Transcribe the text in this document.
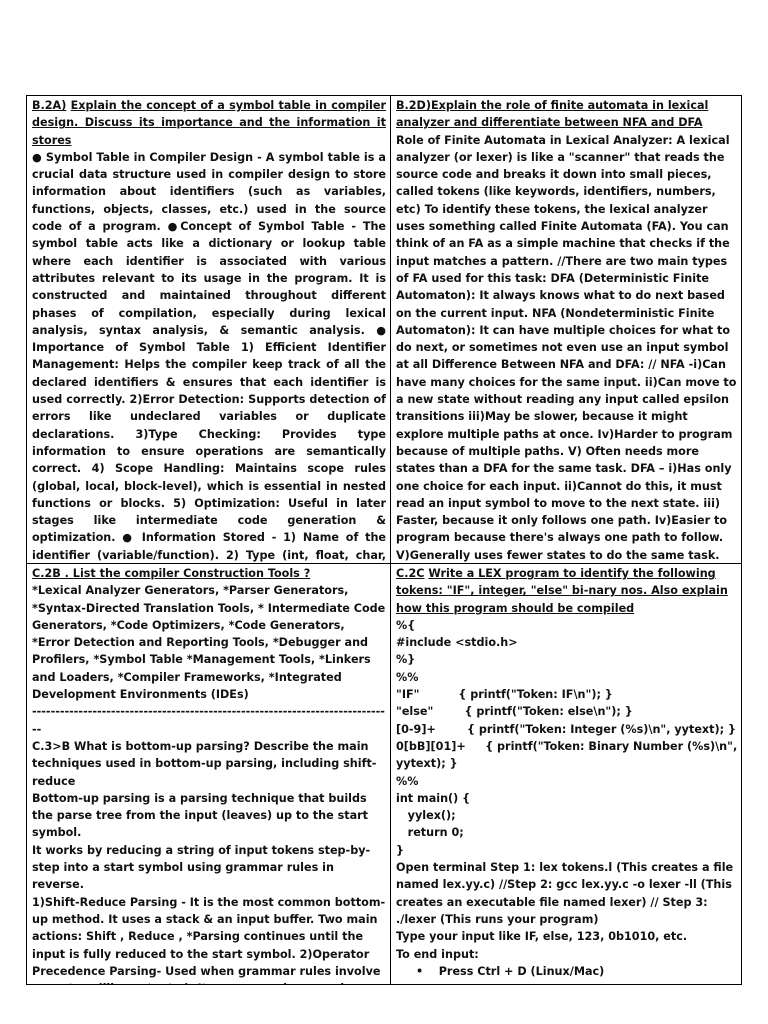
B.2A) Explain the concept of a symbol table in compiler design. Discuss its importance and the information it stores

● Symbol Table in Compiler Design - A symbol table is a crucial data structure used in compiler design to store information about identifiers (such as variables, functions, objects, classes, etc.) used in the source code of a program. ●Concept of Symbol Table - The symbol table acts like a dictionary or lookup table where each identifier is associated with various attributes relevant to its usage in the program. It is constructed and maintained throughout different phases of compilation, especially during lexical analysis, syntax analysis, & semantic analysis. ● Importance of Symbol Table 1) Efficient Identifier Management: Helps the compiler keep track of all the declared identifiers & ensures that each identifier is used correctly. 2)Error Detection: Supports detection of errors like undeclared variables or duplicate declarations. 3)Type Checking: Provides type information to ensure operations are semantically correct. 4) Scope Handling: Maintains scope rules (global, local, block-level), which is essential in nested functions or blocks. 5) Optimization: Useful in later stages like intermediate code generation & optimization. ● Information Stored - 1) Name of the identifier (variable/function). 2) Type (int, float, char,

B.2D)Explain the role of finite automata in lexical analyzer and differentiate between NFA and DFA

Role of Finite Automata in Lexical Analyzer: A lexical analyzer (or lexer) is like a "scanner" that reads the source code and breaks it down into small pieces, called tokens (like keywords, identifiers, numbers, etc) To identify these tokens, the lexical analyzer uses something called Finite Automata (FA). You can think of an FA as a simple machine that checks if the input matches a pattern. //There are two main types of FA used for this task: DFA (Deterministic Finite Automaton): It always knows what to do next based on the current input. NFA (Nondeterministic Finite Automaton): It can have multiple choices for what to do next, or sometimes not even use an input symbol at all Difference Between NFA and DFA: // NFA -i)Can have many choices for the same input. ii)Can move to a new state without reading any input called epsilon transitions iii)May be slower, because it might explore multiple paths at once. Iv)Harder to program because of multiple paths. V) Often needs more states than a DFA for the same task. DFA – i)Has only one choice for each input. ii)Cannot do this, it must read an input symbol to move to the next state. iii) Faster, because it only follows one path. Iv)Easier to program because there's always one path to follow. V)Generally uses fewer states to do the same task.

C.2B . List the compiler Construction Tools ?

*Lexical Analyzer Generators, *Parser Generators, *Syntax-Directed Translation Tools, * Intermediate Code Generators, *Code Optimizers, *Code Generators, *Error Detection and Reporting Tools, *Debugger and Profilers, *Symbol Table *Management Tools, *Linkers and Loaders, *Compiler Frameworks, *Integrated Development Environments (IDEs)

------------------------------------------------------------------------------

C.3>B What is bottom-up parsing? Describe the main techniques used in bottom-up parsing, including shift-reduce

Bottom-up parsing is a parsing technique that builds the parse tree from the input (leaves) up to the start symbol.

It works by reducing a string of input tokens step-by-step into a start symbol using grammar rules in reverse.

1)Shift-Reduce Parsing - It is the most common bottom-up method. It uses a stack & an input buffer. Two main actions: Shift , Reduce , *Parsing continues until the input is fully reduced to the start symbol. 2)Operator Precedence Parsing- Used when grammar rules involve

C.2C Write a LEX program to identify the following tokens: "IF", integer, "else" bi-nary nos. Also explain how this program should be compiled

%{
#include <stdio.h>
%}
%%
"IF"          { printf("Token: IF\n"); }
"else"        { printf("Token: else\n"); }
[0-9]+        { printf("Token: Integer (%s)\n", yytext); }
0[bB][01]+     { printf("Token: Binary Number (%s)\n",
yytext); }
%%
int main() {
yylex();
return 0;
}

Open terminal Step 1: lex tokens.l (This creates a file named lex.yy.c) //Step 2: gcc lex.yy.c -o lexer -ll (This creates an executable file named lexer) // Step 3: ./lexer (This runs your program)

Type your input like IF, else, 123, 0b1010, etc.

To end input:

•    Press Ctrl + D (Linux/Mac)
